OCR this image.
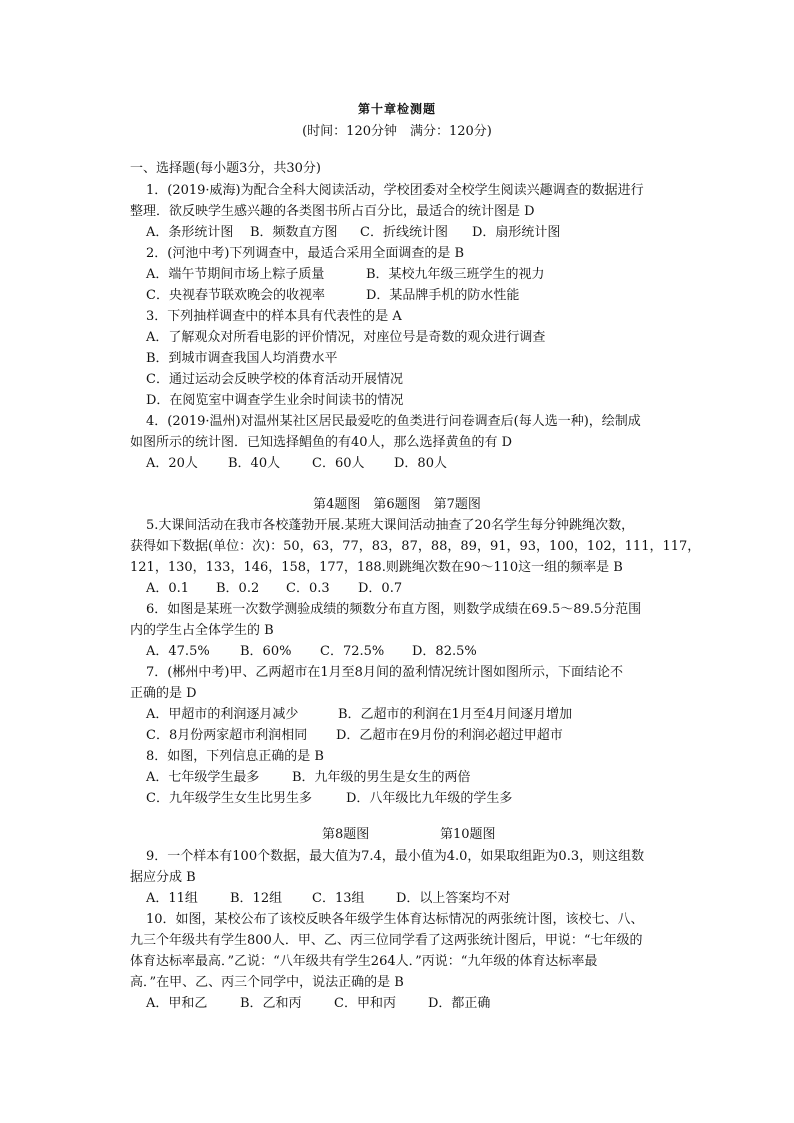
第十章检测题
(时间：120分钟　满分：120分)
一、选择题(每小题3分，共30分)
1．(2019·威海)为配合全科大阅读活动，学校团委对全校学生阅读兴趣调查的数据进行
整理．欲反映学生感兴趣的各类图书所占百分比，最适合的统计图是 D
A．条形统计图 B．频数直方图 C．折线统计图 D．扇形统计图
2．(河池中考)下列调查中，最适合采用全面调查的是 B
A．端午节期间市场上粽子质量	B．某校九年级三班学生的视力
C．央视春节联欢晚会的收视率	D．某品牌手机的防水性能
3．下列抽样调查中的样本具有代表性的是 A
A．了解观众对所看电影的评价情况，对座位号是奇数的观众进行调查
B．到城市调查我国人均消费水平
C．通过运动会反映学校的体育活动开展情况
D．在阅览室中调查学生业余时间读书的情况
4．(2019·温州)对温州某社区居民最爱吃的鱼类进行问卷调查后(每人选一种)，绘制成
如图所示的统计图．已知选择鲳鱼的有40人，那么选择黄鱼的有 D
A．20人 B．40人 C．60人 D．80人
第4题图　第6题图　第7题图
5.大课间活动在我市各校蓬勃开展.某班大课间活动抽查了20名学生每分钟跳绳次数，
获得如下数据(单位：次)：50，63，77，83，87，88，89，91，93，100，102，111，117，
121，130，133，146，158，177，188.则跳绳次数在90～110这一组的频率是 B
A．0.1 B．0.2 C．0.3 D．0.7
6．如图是某班一次数学测验成绩的频数分布直方图，则数学成绩在69.5～89.5分范围
内的学生占全体学生的 B
A．47.5% B．60% C．72.5% D．82.5%
7．(郴州中考)甲、乙两超市在1月至8月间的盈利情况统计图如图所示，下面结论不
正确的是 D
A．甲超市的利润逐月减少	B．乙超市的利润在1月至4月间逐月增加
C．8月份两家超市利润相同 D．乙超市在9月份的利润必超过甲超市
8．如图，下列信息正确的是 B
A．七年级学生最多	B．九年级的男生是女生的两倍
C．九年级学生女生比男生多	D．八年级比九年级的学生多
第8题图	第10题图
9．一个样本有100个数据，最大值为7.4，最小值为4.0，如果取组距为0.3，则这组数
据应分成 B
A．11组 B．12组 C．13组 D．以上答案均不对
10．如图，某校公布了该校反映各年级学生体育达标情况的两张统计图，该校七、八、
九三个年级共有学生800人．甲、乙、丙三位同学看了这两张统计图后，甲说：“七年级的
体育达标率最高．”乙说：“八年级共有学生264人．”丙说：“九年级的体育达标率最
高．”在甲、乙、丙三个同学中，说法正确的是 B
A．甲和乙	B．乙和丙 C．甲和丙 D．都正确
